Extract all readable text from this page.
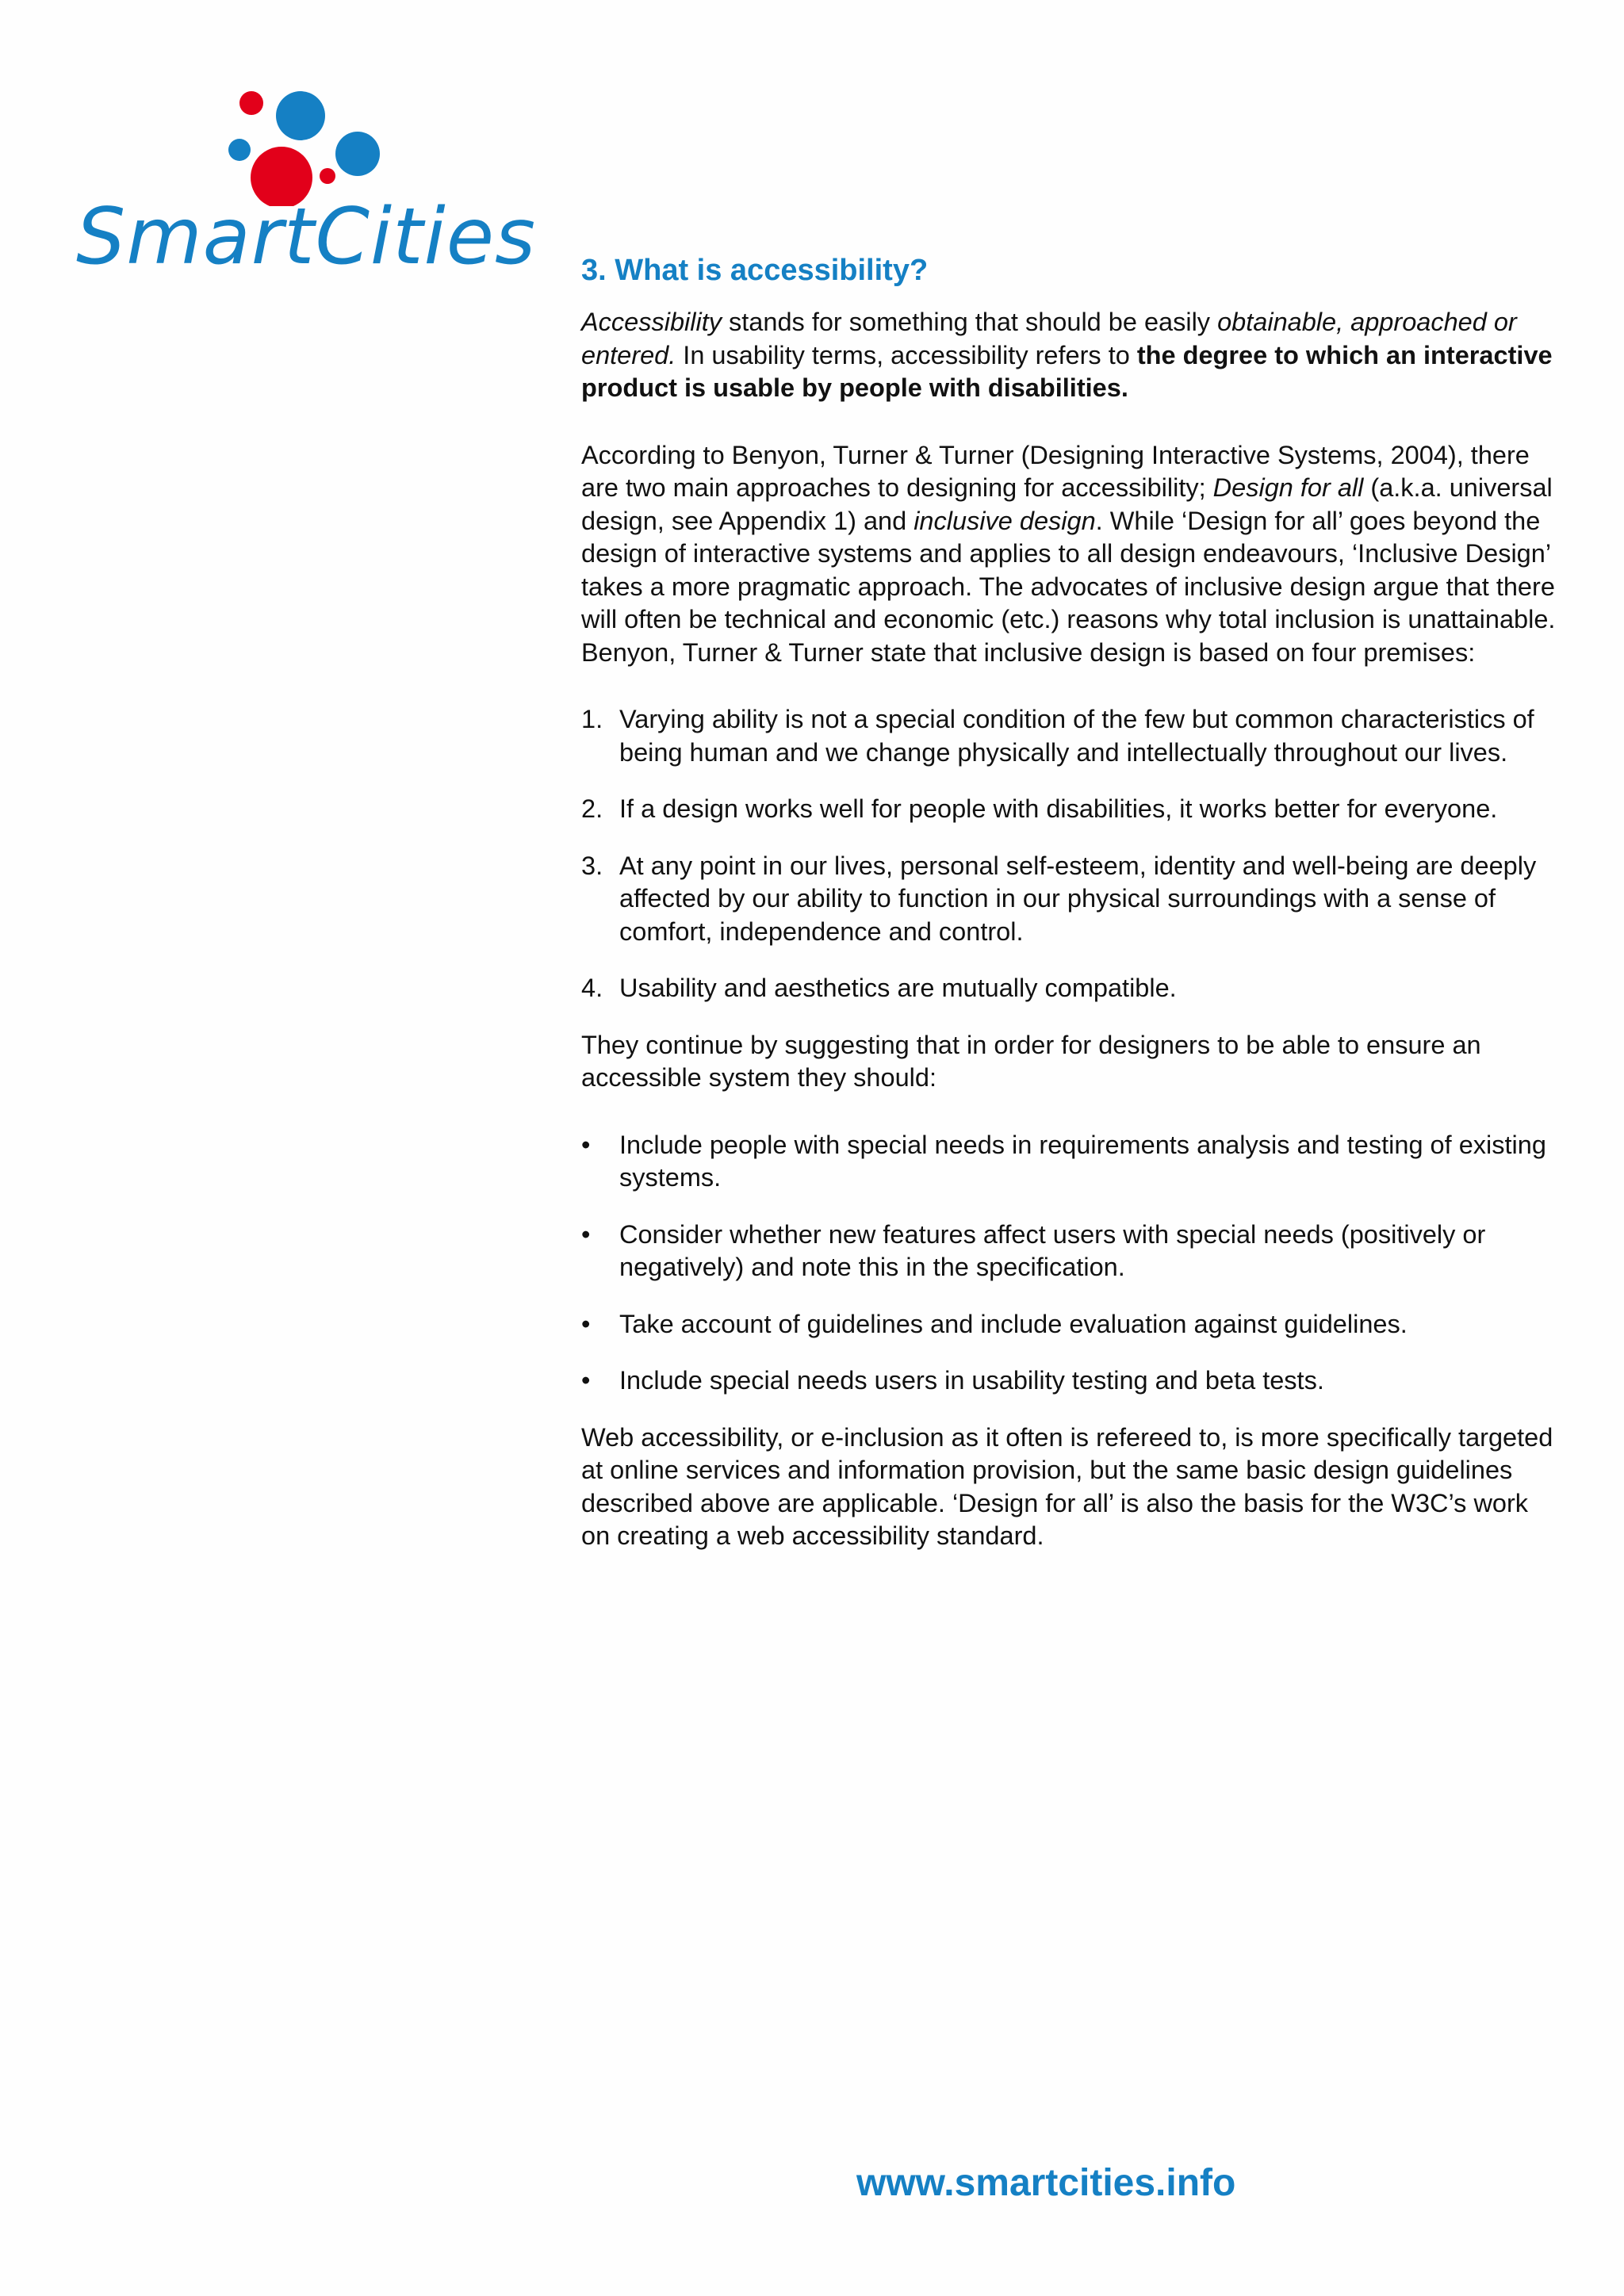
SmartCities 3. What is accessibility?

Accessibility stands for something that should be easily obtainable, approached or entered. In usability terms, accessibility refers to the degree to which an interactive product is usable by people with disabilities.

According to Benyon, Turner & Turner (Designing Interactive Systems, 2004), there are two main approaches to designing for accessibility; Design for all (a.k.a. universal design, see Appendix 1) and inclusive design. While ‘Design for all’ goes beyond the design of interactive systems and applies to all design endeavours, ‘Inclusive Design’ takes a more pragmatic approach. The advocates of inclusive design argue that there will often be technical and economic (etc.) reasons why total inclusion is unattainable. Benyon, Turner & Turner state that inclusive design is based on four premises:

1. Varying ability is not a special condition of the few but common characteristics of being human and we change physically and intellectually throughout our lives.
2. If a design works well for people with disabilities, it works better for everyone.
3. At any point in our lives, personal self-esteem, identity and well-being are deeply affected by our ability to function in our physical surroundings with a sense of comfort, independence and control.
4. Usability and aesthetics are mutually compatible.

They continue by suggesting that in order for designers to be able to ensure an accessible system they should:

• Include people with special needs in requirements analysis and testing of existing systems.
• Consider whether new features affect users with special needs (positively or negatively) and note this in the specification.
• Take account of guidelines and include evaluation against guidelines.
• Include special needs users in usability testing and beta tests.

Web accessibility, or e-inclusion as it often is refereed to, is more specifically targeted at online services and information provision, but the same basic design guidelines described above are applicable. ‘Design for all’ is also the basis for the W3C’s work on creating a web accessibility standard.

www.smartcities.info
